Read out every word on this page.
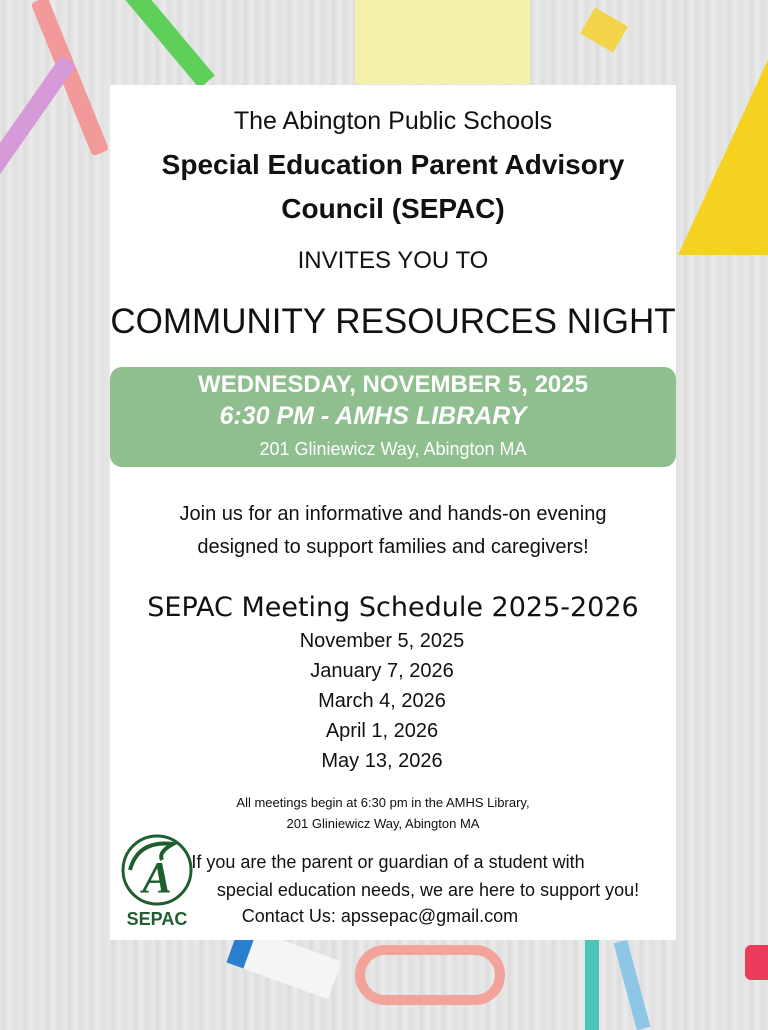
The Abington Public Schools
Special Education Parent Advisory Council (SEPAC)
INVITES YOU TO
COMMUNITY RESOURCES NIGHT
WEDNESDAY, NOVEMBER 5, 2025
6:30 PM - AMHS LIBRARY
201 Gliniewicz Way, Abington MA
Join us for an informative and hands-on evening
designed to support families and caregivers!
SEPAC Meeting Schedule 2025-2026
November 5, 2025
January 7, 2026
March 4, 2026
April 1, 2026
May 13, 2026
All meetings begin at 6:30 pm in the AMHS Library,
201 Gliniewicz Way, Abington MA
A
SEPAC
If you are the parent or guardian of a student with
special education needs, we are here to support you!
Contact Us: apssepac@gmail.com
